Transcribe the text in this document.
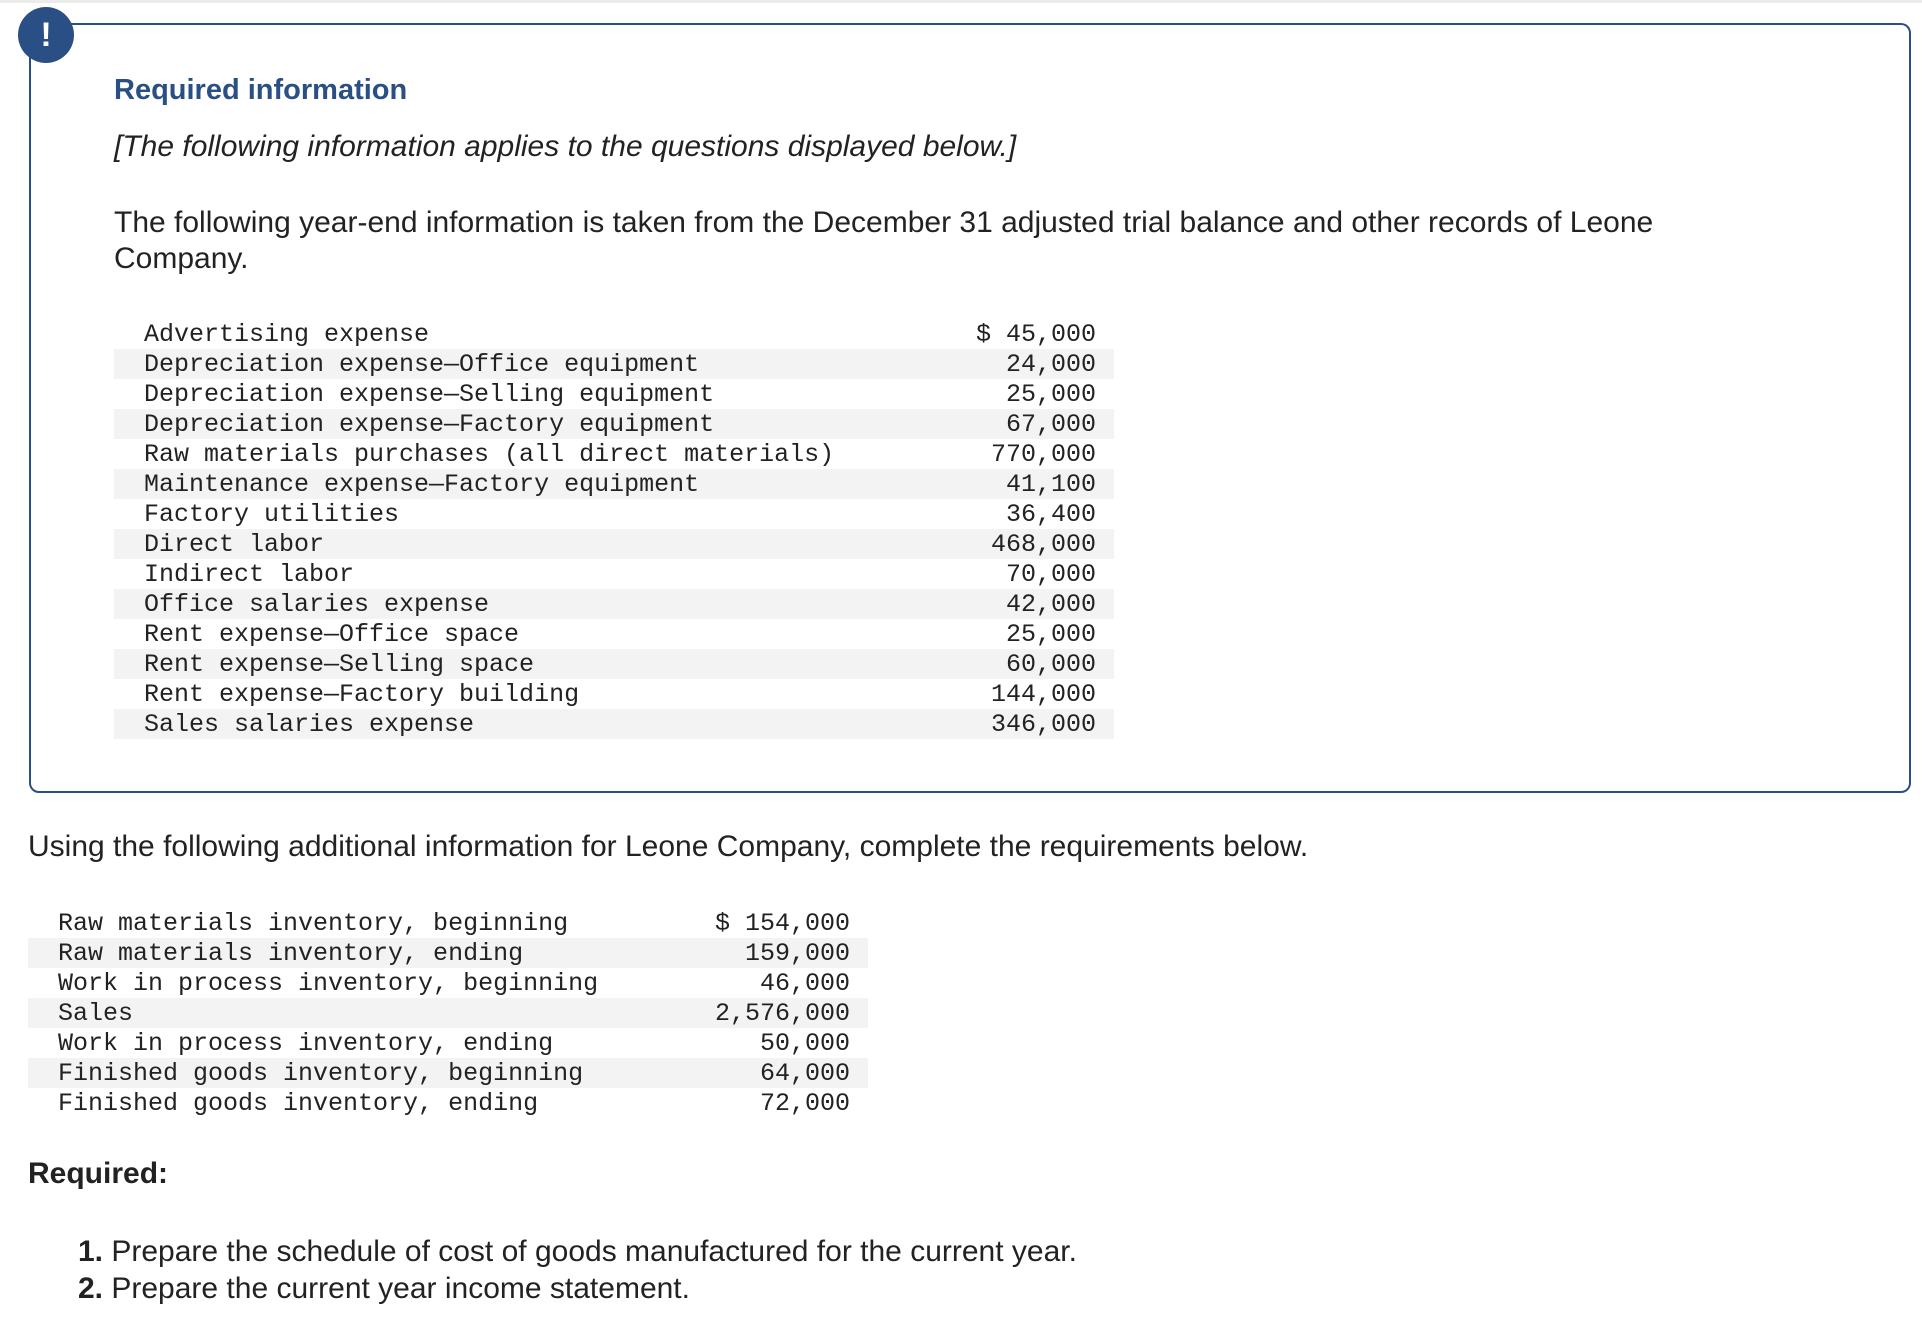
!
Required information
[The following information applies to the questions displayed below.]
The following year-end information is taken from the December 31 adjusted trial balance and other records of Leone Company.
Advertising expense	$ 45,000
Depreciation expense—Office equipment	24,000
Depreciation expense—Selling equipment	25,000
Depreciation expense—Factory equipment	67,000
Raw materials purchases (all direct materials)	770,000
Maintenance expense—Factory equipment	41,100
Factory utilities	36,400
Direct labor	468,000
Indirect labor	70,000
Office salaries expense	42,000
Rent expense—Office space	25,000
Rent expense—Selling space	60,000
Rent expense—Factory building	144,000
Sales salaries expense	346,000
Using the following additional information for Leone Company, complete the requirements below.
Raw materials inventory, beginning	$ 154,000
Raw materials inventory, ending	159,000
Work in process inventory, beginning	46,000
Sales	2,576,000
Work in process inventory, ending	50,000
Finished goods inventory, beginning	64,000
Finished goods inventory, ending	72,000
Required:
1. Prepare the schedule of cost of goods manufactured for the current year.
2. Prepare the current year income statement.
